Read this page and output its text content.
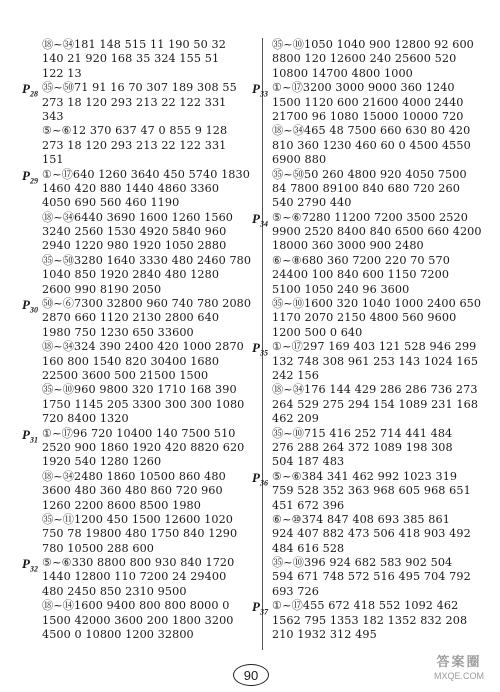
⑱~㉞181 148 515 11 190 50 32
140 21 920 168 35 324 155 51
122 13
$P_{28}$
㉟~㊿71 91 16 70 307 189 308 55
273 18 120 293 213 22 122 331
343
⑤~⑥12 370 637 47 0 855 9 128
273 18 120 293 213 22 122 331
151
$P_{29}$
①~⑰640 1260 3640 450 5740 1830
1460 420 880 1440 4860 3360
4050 690 560 460 1190
⑱~㉞6440 3690 1600 1260 1560
3240 2560 1530 4920 5840 960
2940 1220 980 1920 1050 2880
㉟~㊿3280 1640 3330 480 2460 780
1040 850 1920 2840 480 1280
2600 990 8190 2050
$P_{30}$
㊿~⑥7300 32800 960 740 780 2080
2870 660 1120 2130 2800 640
1980 750 1230 650 33600
⑱~㉞324 390 2400 420 1000 2870
160 800 1540 820 30400 1680
22500 3600 500 21500 1500
㉟~⑩960 9800 320 1710 168 390
1750 1145 205 3300 300 300 1080
720 8400 1320
$P_{31}$
①~⑰96 720 10400 140 7500 510
2520 900 1860 1920 420 8820 620
1920 540 1280 1260
⑱~㉞2480 1860 10500 860 480
3600 480 360 480 860 720 960
1260 2200 8600 8500 1980
㉟~⑪1200 450 1500 12600 1020
750 78 19800 480 1750 840 1290
780 10500 288 600
$P_{32}$
⑤~⑥330 8800 800 930 840 1720
1440 12800 110 7200 24 29400
480 2450 850 2310 9500
⑱~⑭1600 9400 800 800 8000 0
1500 42000 3600 200 1800 3200
4500 0 10800 1200 32800
㉟~⑩1050 1040 900 12800 92 600
8800 120 12600 240 25600 520
10800 14700 4800 1000
$P_{33}$
①~⑰3200 3000 9000 360 1240
1500 1120 600 21600 4000 2440
21700 96 1080 15000 10000 720
⑱~㉞465 48 7500 660 630 80 420
810 360 1230 460 60 0 4500 4550
6900 880
㉟~㊿50 260 4800 920 4050 7500
84 7800 89100 840 680 720 260
540 2790 440
$P_{34}$
⑤~⑥7280 11200 7200 3500 2520
9900 2520 8400 840 6500 660 4200
18000 360 3000 900 2480
⑥~⑧680 360 7200 220 70 570
24400 100 840 600 1150 7200
5100 1050 240 96 3600
㉟~⑩1600 320 1040 1000 2400 650
1170 2070 2150 4800 560 9600
1200 500 0 640
$P_{35}$
①~⑰297 169 403 121 528 946 299
132 748 308 961 253 143 1024 165
242 156
⑱~㉞176 144 429 286 286 736 273
264 529 275 294 154 1089 231 168
462 209
㉟~⑩715 416 252 714 441 484
276 288 264 372 1089 198 308
504 187 483
$P_{36}$
⑤~⑥384 341 462 992 1023 319
759 528 352 363 968 605 968 651
451 672 396
⑥~⑩374 847 408 693 385 861
924 407 882 473 506 418 903 492
484 616 528
㉟~⑩396 924 682 583 902 504
594 671 748 572 516 495 704 792
693 726
$P_{37}$
①~⑰455 672 418 552 1092 462
1562 795 1353 182 1352 832 208
210 1932 312 495
90
答案圈
MXQE.COM
